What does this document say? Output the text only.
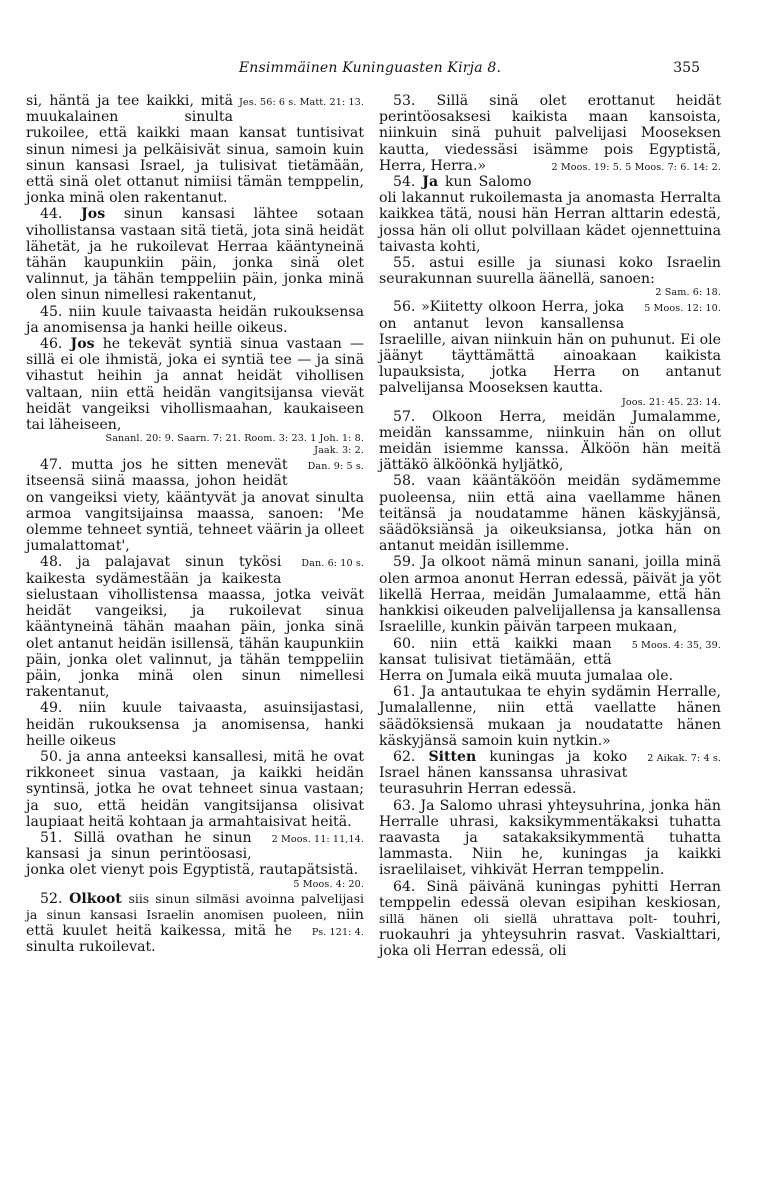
Ensimmäinen Kuninguasten Kirja 8.	355

Jes. 56: 6 s. Matt. 21: 13.
si, häntä ja tee kaikki, mitä muukalainen sinulta rukoilee, että kaikki maan kansat tuntisivat sinun nimesi ja pelkäisivät sinua, samoin kuin sinun kansasi Israel, ja tulisivat tietämään, että sinä olet ottanut nimiisi tämän temppelin, jonka minä olen rakentanut.

44. Jos sinun kansasi lähtee sotaan vihollistansa vastaan sitä tietä, jota sinä heidät lähetät, ja he rukoilevat Herraa kääntyneinä tähän kaupunkiin päin, jonka sinä olet valinnut, ja tähän temppeliin päin, jonka minä olen sinun nimellesi rakentanut,

45. niin kuule taivaasta heidän rukouksensa ja anomisensa ja hanki heille oikeus.

46. Jos he tekevät syntiä sinua vastaan — sillä ei ole ihmistä, joka ei syntiä tee — ja sinä vihastut heihin ja annat heidät vihollisen valtaan, niin että heidän vangitsijansa vievät heidät vangeiksi vihollismaahan, kaukaiseen tai läheiseen,

Sananl. 20: 9. Saarn. 7: 21. Room. 3: 23. 1 Joh. 1: 8.
Jaak. 3: 2.

Dan. 9: 5 s.
47. mutta jos he sitten menevät itseensä siinä maassa, johon heidät on vangeiksi viety, kääntyvät ja anovat sinulta armoa vangitsijainsa maassa, sanoen: 'Me olemme tehneet syntiä, tehneet väärin ja olleet jumalattomat',

Dan. 6: 10 s.
48. ja palajavat sinun tykösi kaikesta sydämestään ja kaikesta sielustaan vihollistensa maassa, jotka veivät heidät vangeiksi, ja rukoilevat sinua kääntyneinä tähän maahan päin, jonka sinä olet antanut heidän isillensä, tähän kaupunkiin päin, jonka olet valinnut, ja tähän temppeliin päin, jonka minä olen sinun nimellesi rakentanut,

49. niin kuule taivaasta, asuinsijastasi, heidän rukouksensa ja anomisensa, hanki heille oikeus

50. ja anna anteeksi kansallesi, mitä he ovat rikkoneet sinua vastaan, ja kaikki heidän syntinsä, jotka he ovat tehneet sinua vastaan; ja suo, että heidän vangitsijansa olisivat laupiaat heitä kohtaan ja armahtaisivat heitä.

2 Moos. 11: 11,14.
51. Sillä ovathan he sinun kansasi ja sinun perintöosasi, jonka olet vienyt pois Egyptistä, rautapätsistä.

5 Moos. 4: 20.

52. Olkoot siis sinun silmäsi avoinna palvelijasi ja sinun kansasi Israelin anomisen puoleen,
Ps. 121: 4.
niin että kuulet heitä kaikessa, mitä he sinulta rukoilevat.

53. Sillä sinä olet erottanut heidät perintöosaksesi kaikista maan kansoista, niinkuin sinä puhuit palvelijasi Mooseksen kautta, viedessäsi isämme pois Egyptistä, Herra, Herra.»	2 Moos. 19: 5. 5 Moos. 7: 6. 14: 2.

54. Ja kun Salomo oli lakannut rukoilemasta ja anomasta Herralta kaikkea tätä, nousi hän Herran alttarin edestä, jossa hän oli ollut polvillaan kädet ojennettuina taivasta kohti,

55. astui esille ja siunasi koko Israelin seurakunnan suurella äänellä, sanoen:

2 Sam. 6: 18.

5 Moos. 12: 10.
56. »Kiitetty olkoon Herra, joka on antanut levon kansallensa Israelille, aivan niinkuin hän on puhunut. Ei ole jäänyt täyttämättä ainoakaan kaikista lupauksista, jotka Herra on antanut palvelijansa Mooseksen kautta.

Joos. 21: 45. 23: 14.

57. Olkoon Herra, meidän Jumalamme, meidän kanssamme, niinkuin hän on ollut meidän isiemme kanssa. Älköön hän meitä jättäkö älköönkä hyljätkö,

58. vaan kääntäköön meidän sydämemme puoleensa, niin että aina vaellamme hänen teitänsä ja noudatamme hänen käskyjänsä, säädöksiänsä ja oikeuksiansa, jotka hän on antanut meidän isillemme.

59. Ja olkoot nämä minun sanani, joilla minä olen armoa anonut Herran edessä, päivät ja yöt likellä Herraa, meidän Jumalaamme, että hän hankkisi oikeuden palvelijallensa ja kansallensa Israelille, kunkin päivän tarpeen mukaan,

5 Moos. 4: 35, 39.
60. niin että kaikki maan kansat tulisivat tietämään, että Herra on Jumala eikä muuta jumalaa ole.

61. Ja antautukaa te ehyin sydämin Herralle, Jumalallenne, niin että vaellatte hänen säädöksiensä mukaan ja noudatatte hänen käskyjänsä samoin kuin nytkin.»

62. Sitten	2 Aikak. 7: 4 s.
kuningas ja koko Israel hänen kanssansa uhrasivat teurasuhrin Herran edessä.

63. Ja Salomo uhrasi yhteysuhrina, jonka hän Herralle uhrasi, kaksikymmentäkaksi tuhatta raavasta ja satakaksikymmentä tuhatta lammasta. Niin he, kuningas ja kaikki israelilaiset, vihkivät Herran temppelin.

64. Sinä päivänä kuningas pyhitti Herran temppelin edessä olevan esipihan keskiosan, sillä hänen oli siellä uhrattava polt- touhri, ruokauhri ja yhteysuhrin rasvat. Vaskialttari, joka oli Herran edessä, oli
